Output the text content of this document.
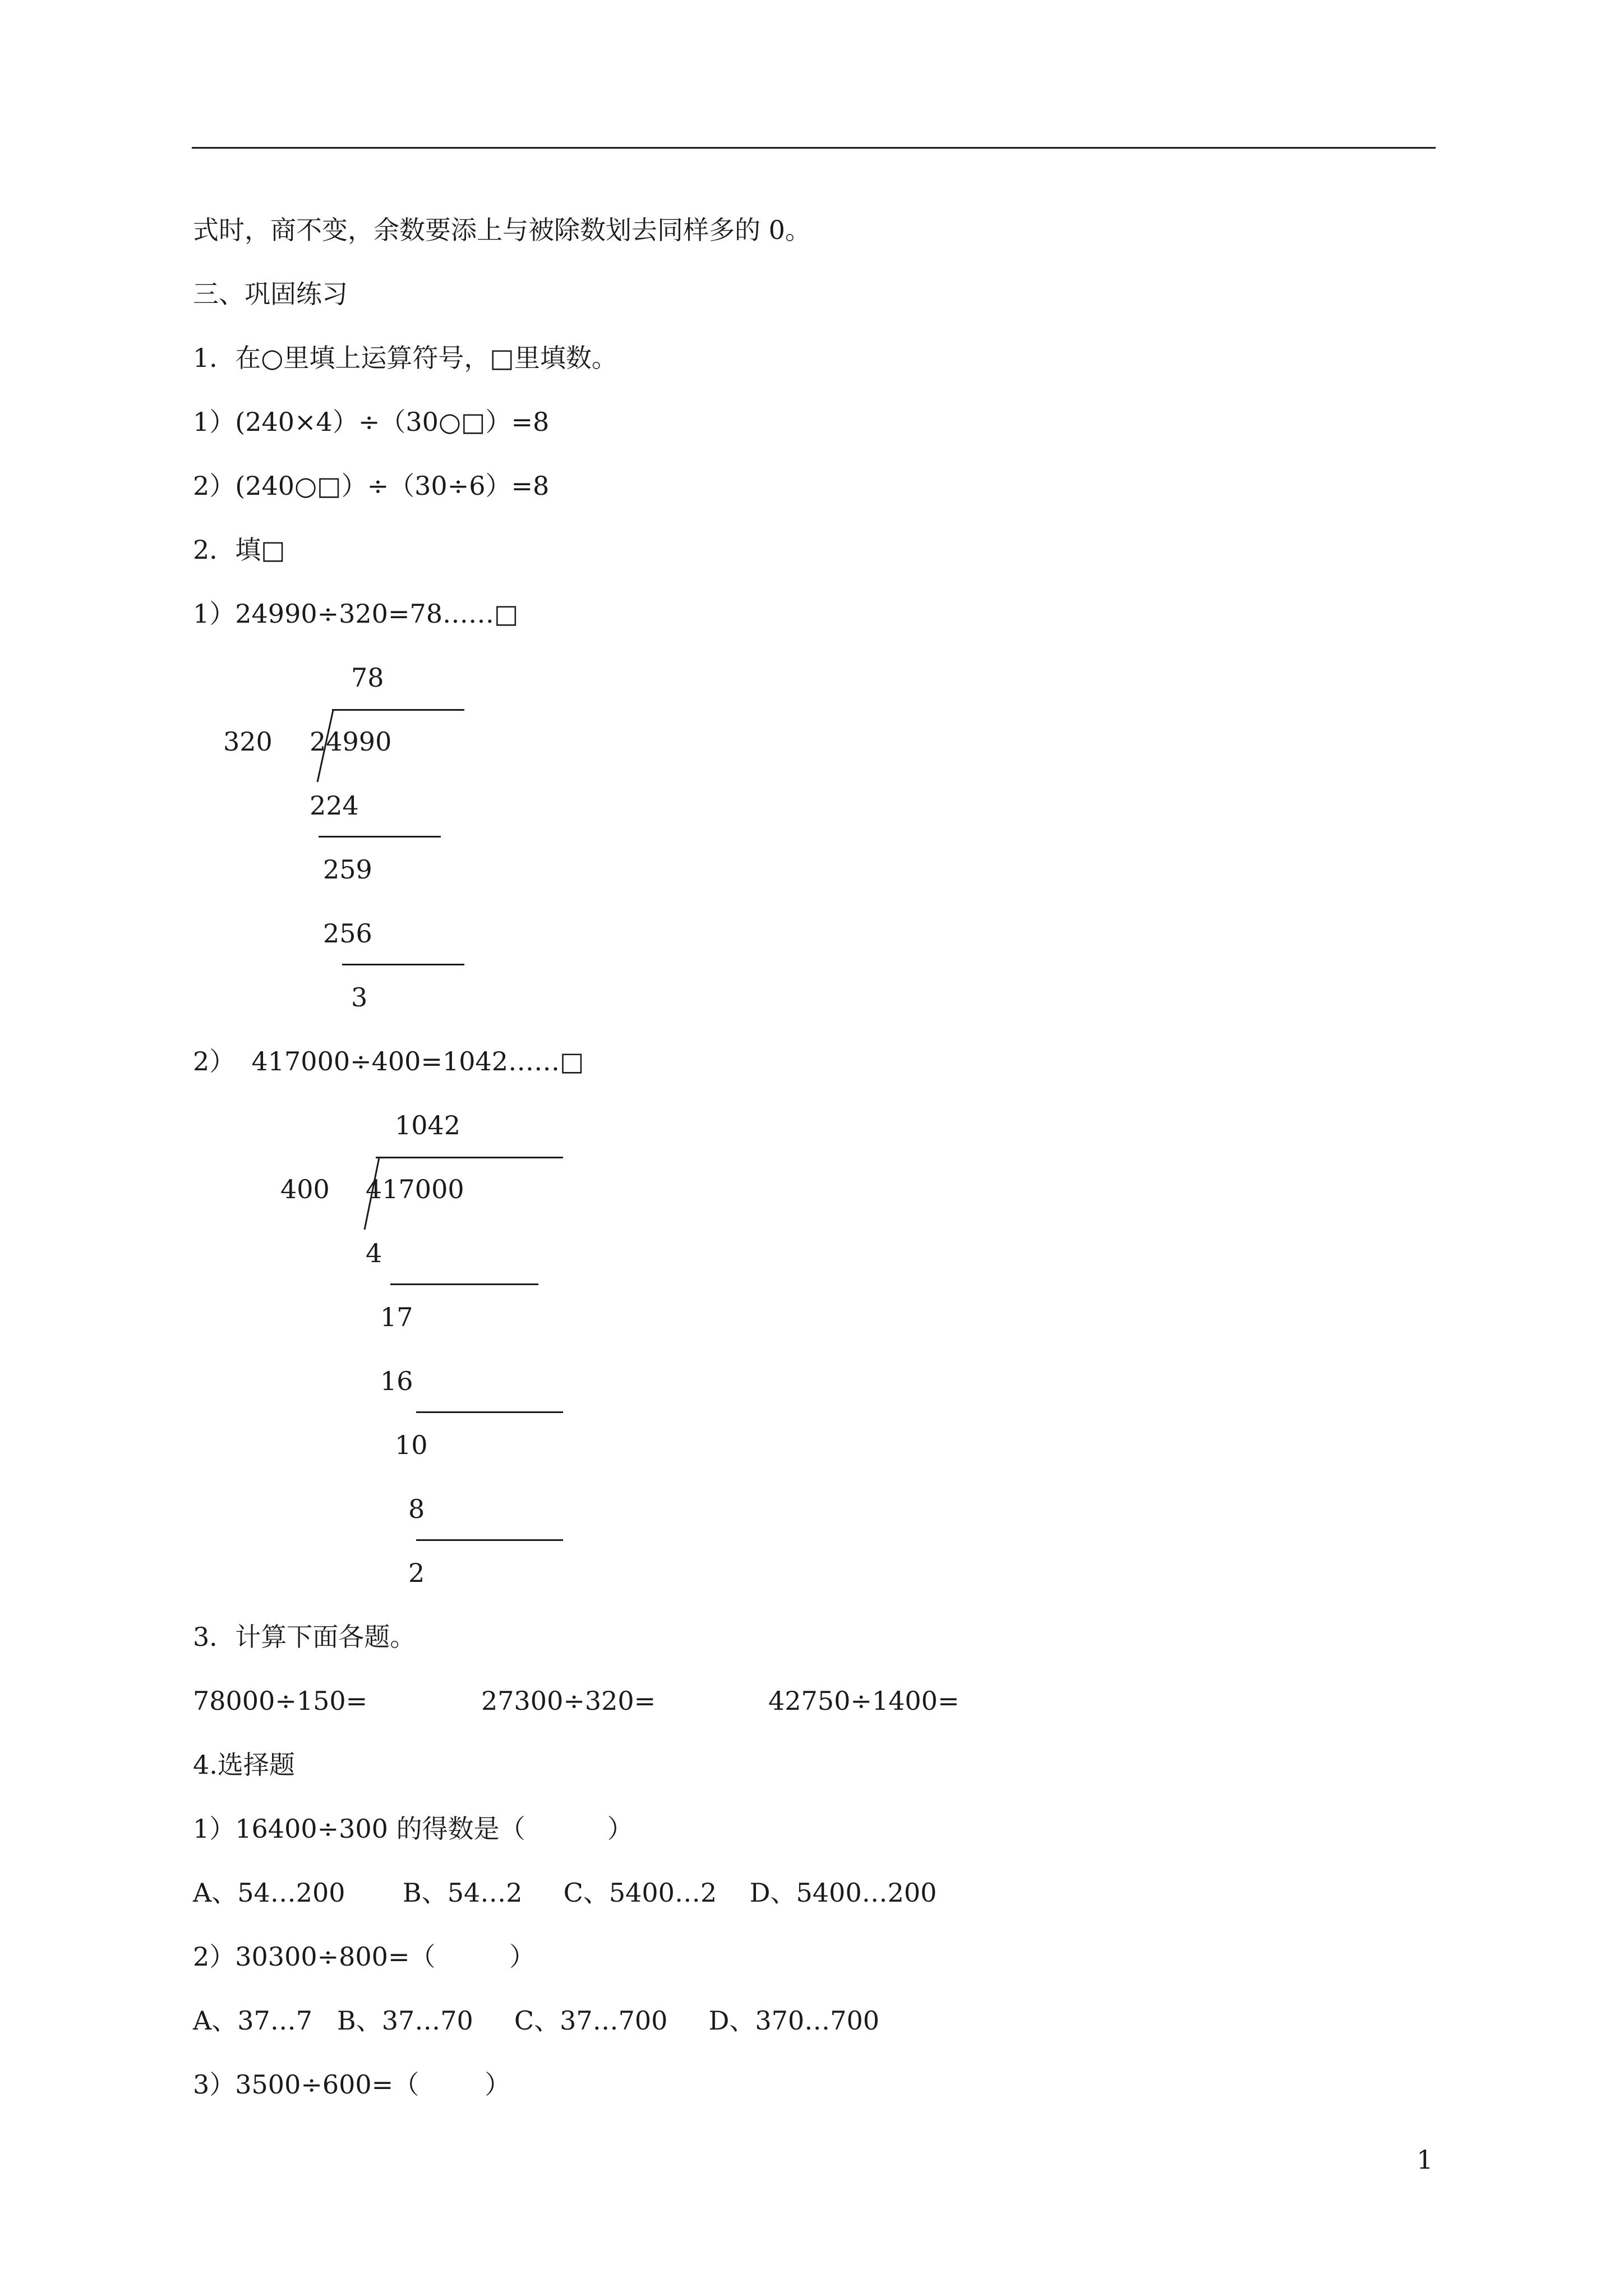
式时，商不变，余数要添上与被除数划去同样多的 0。
三、巩固练习
1．在○里填上运算符号，□里填数。
1）(240×4）÷（30○□）=8
2）(240○□）÷（30÷6）=8
2．填□
1）24990÷320=78……□
78
320 24990
224
259
256
3
2）  417000÷400=1042……□
1042
400 417000
4
17
16
10
8
2
3．计算下面各题。
78000÷150=	27300÷320=	42750÷1400=
4.选择题
1）16400÷300 的得数是（          ）
A、54…200       B、54…2     C、5400…2    D、5400…200
2）30300÷800=（         ）
A、37…7   B、37…70     C、37…700     D、370…700
3）3500÷600=（        ）
1
